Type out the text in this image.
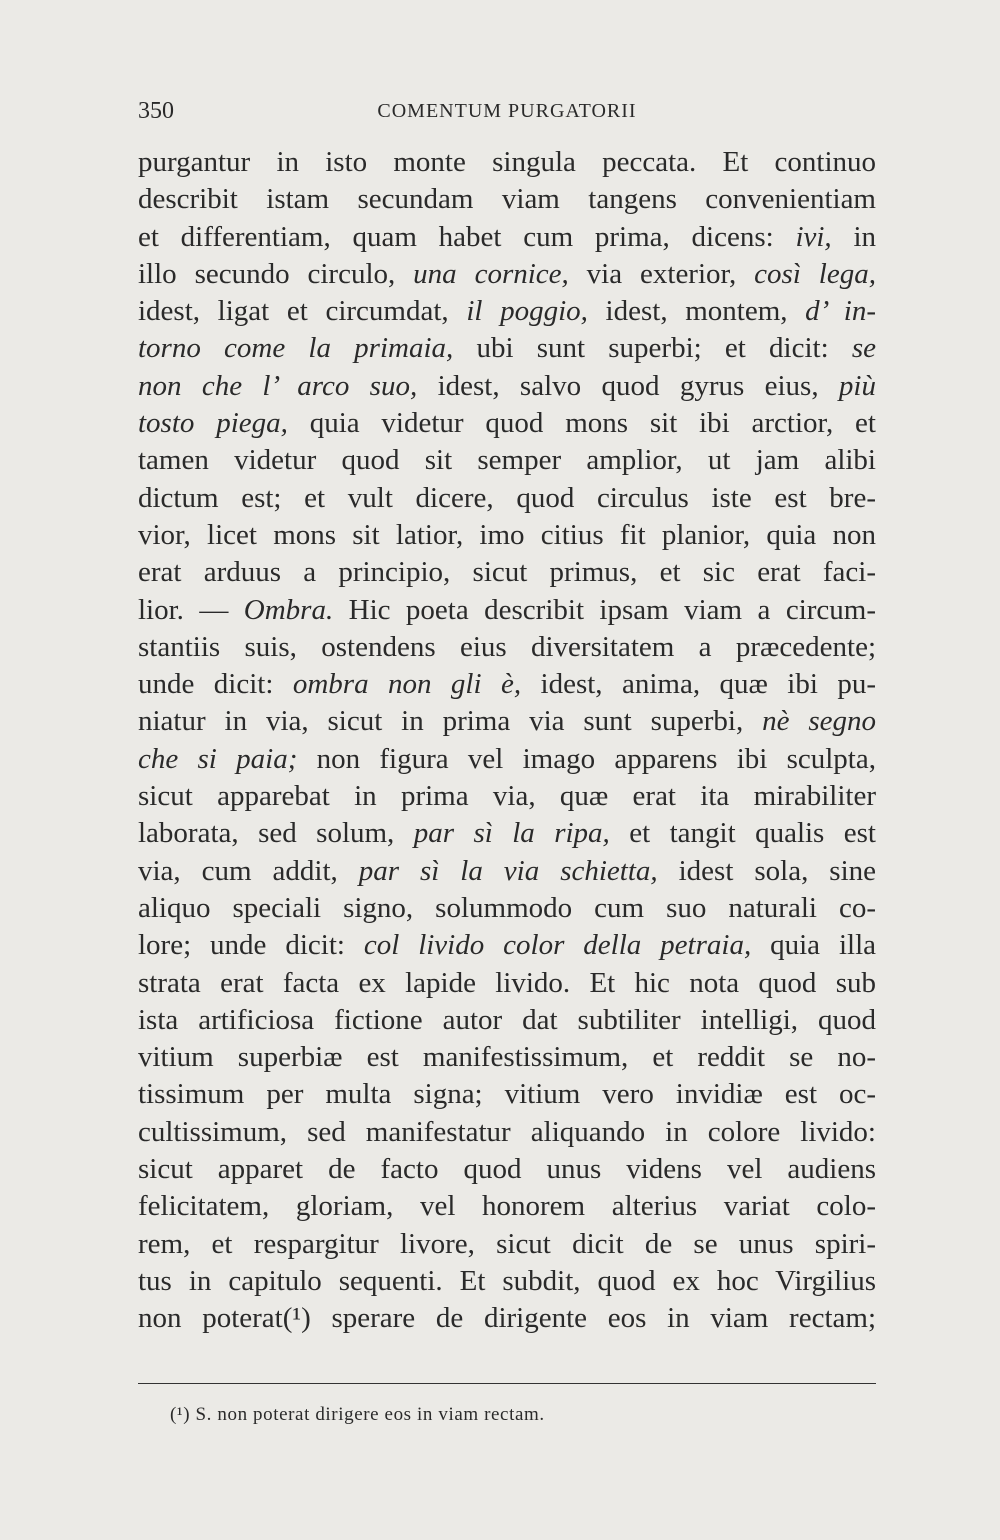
350	COMENTUM PURGATORII
purgantur in isto monte singula peccata. Et continuo
describit istam secundam viam tangens convenientiam
et differentiam, quam habet cum prima, dicens: ivi, in
illo secundo circulo, una cornice, via exterior, così lega,
idest, ligat et circumdat, il poggio, idest, montem, d’ in-
torno come la primaia, ubi sunt superbi; et dicit: se
non che l’ arco suo, idest, salvo quod gyrus eius, più
tosto piega, quia videtur quod mons sit ibi arctior, et
tamen videtur quod sit semper amplior, ut jam alibi
dictum est; et vult dicere, quod circulus iste est bre-
vior, licet mons sit latior, imo citius fit planior, quia non
erat arduus a principio, sicut primus, et sic erat faci-
lior. — Ombra. Hic poeta describit ipsam viam a circum-
stantiis suis, ostendens eius diversitatem a præcedente;
unde dicit: ombra non gli è, idest, anima, quæ ibi pu-
niatur in via, sicut in prima via sunt superbi, nè segno
che si paia; non figura vel imago apparens ibi sculpta,
sicut apparebat in prima via, quæ erat ita mirabiliter
laborata, sed solum, par sì la ripa, et tangit qualis est
via, cum addit, par sì la via schietta, idest sola, sine
aliquo speciali signo, solummodo cum suo naturali co-
lore; unde dicit: col livido color della petraia, quia illa
strata erat facta ex lapide livido. Et hic nota quod sub
ista artificiosa fictione autor dat subtiliter intelligi, quod
vitium superbiæ est manifestissimum, et reddit se no-
tissimum per multa signa; vitium vero invidiæ est oc-
cultissimum, sed manifestatur aliquando in colore livido:
sicut apparet de facto quod unus videns vel audiens
felicitatem, gloriam, vel honorem alterius variat colo-
rem, et respargitur livore, sicut dicit de se unus spiri-
tus in capitulo sequenti. Et subdit, quod ex hoc Virgilius
non poterat(¹) sperare de dirigente eos in viam rectam;
(¹) S. non poterat dirigere eos in viam rectam.
